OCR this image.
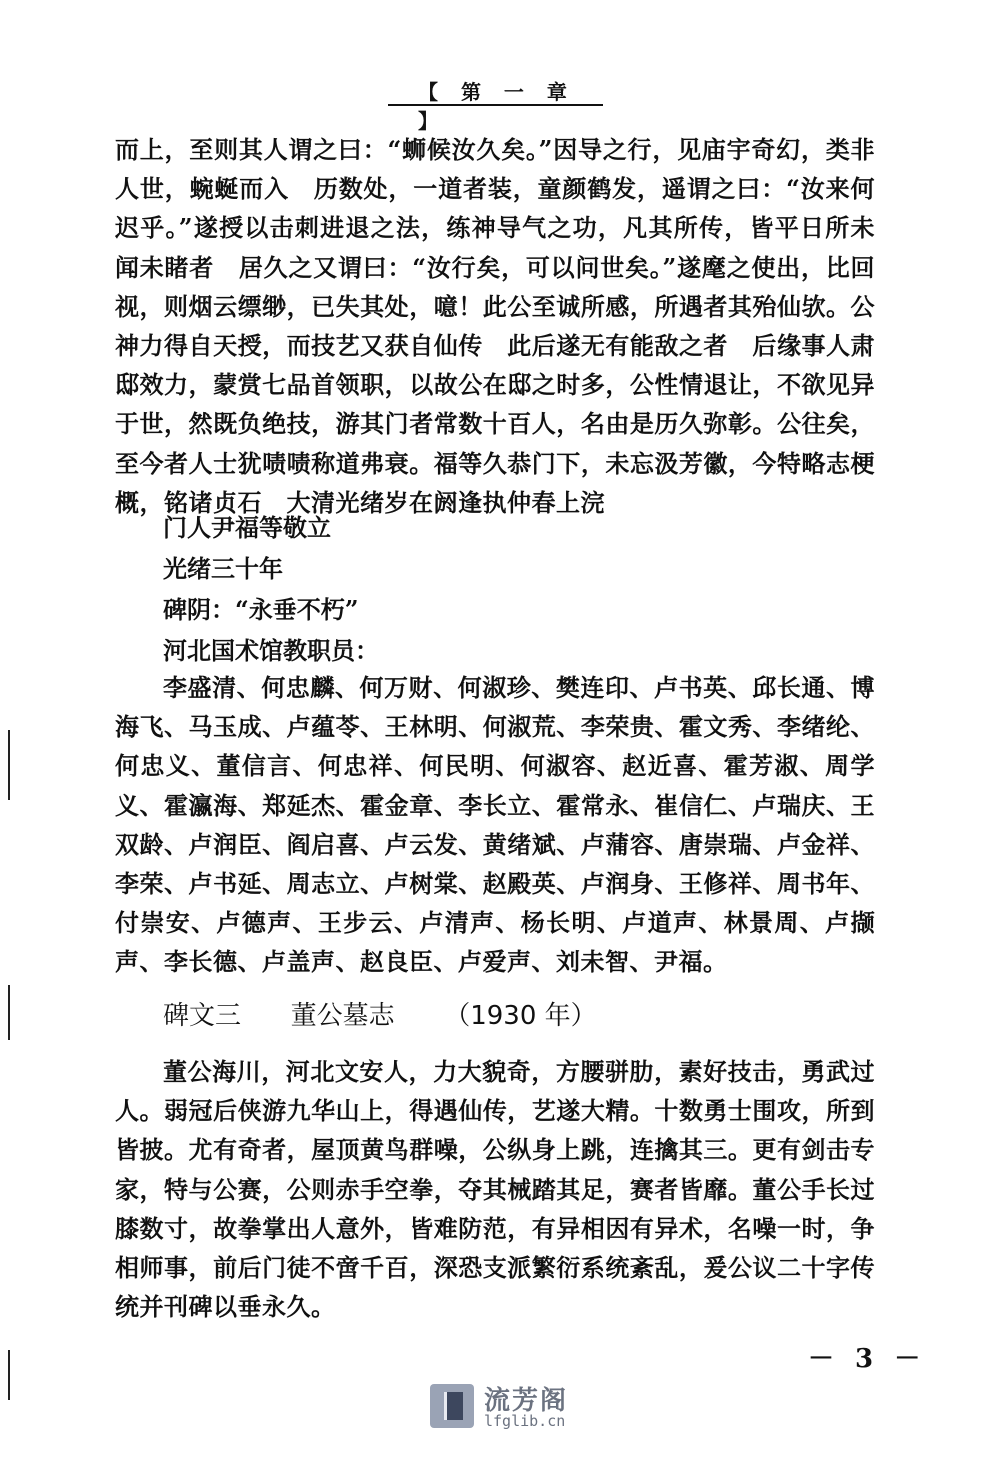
【 第 一 章 】
而上，至则其人谓之曰：“蛳候汝久矣。”因导之行，见庙宇奇幻，类非人世，蜿蜒而入　历数处，一道者装，童颜鹤发，遥谓之曰：“汝来何迟乎。”遂授以击刺进退之法，练神导气之功，凡其所传，皆平日所未闻未睹者　居久之又谓曰：“汝行矣，可以问世矣。”遂麾之使出，比回视，则烟云缥缈，已失其处，噫！此公至诚所感，所遇者其殆仙欤。公神力得自天授，而技艺又获自仙传　此后遂无有能敌之者　后缘事人肃邸效力，蒙赏七品首领职，以故公在邸之时多，公性情退让，不欲见异于世，然既负绝技，游其门者常数十百人，名由是历久弥彰。公往矣，至今者人士犹啧啧称道弗衰。福等久恭门下，未忘汲芳徽，今特略志梗概，铭诸贞石　大清光绪岁在阏逢执仲春上浣
门人尹福等敬立
光绪三十年
碑阴：“永垂不朽”
河北国术馆教职员：
李盛清、何忠麟、何万财、何淑珍、樊连印、卢书英、邱长通、博海飞、马玉成、卢蕴苓、王林明、何淑荒、李荣贵、霍文秀、李绪纶、何忠义、董信言、何忠祥、何民明、何淑容、赵近喜、霍芳淑、周学义、霍瀛海、郑延杰、霍金章、李长立、霍常永、崔信仁、卢瑞庆、王双龄、卢润臣、阎启喜、卢云发、黄绪斌、卢蒲容、唐崇瑞、卢金祥、李荣、卢书延、周志立、卢树棠、赵殿英、卢润身、王修祥、周书年、付崇安、卢德声、王步云、卢清声、杨长明、卢道声、林景周、卢撷声、李长德、卢盖声、赵良臣、卢爱声、刘未智、尹福。
碑文三 董公墓志 （1930 年）
董公海川，河北文安人，力大貌奇，方腰骈肋，素好技击，勇武过人。弱冠后侠游九华山上，得遇仙传，艺遂大精。十数勇士围攻，所到皆披。尤有奇者，屋顶黄鸟群噪，公纵身上跳，连擒其三。更有剑击专家，特与公赛，公则赤手空拳，夺其械踏其足，赛者皆靡。董公手长过膝数寸，故拳掌出人意外，皆难防范，有异相因有异术，名噪一时，争相师事，前后门徒不啻千百，深恐支派繁衍系统紊乱，爰公议二十字传统并刊碑以垂永久。
－ 3 －
流芳阁
lfglib.cn
